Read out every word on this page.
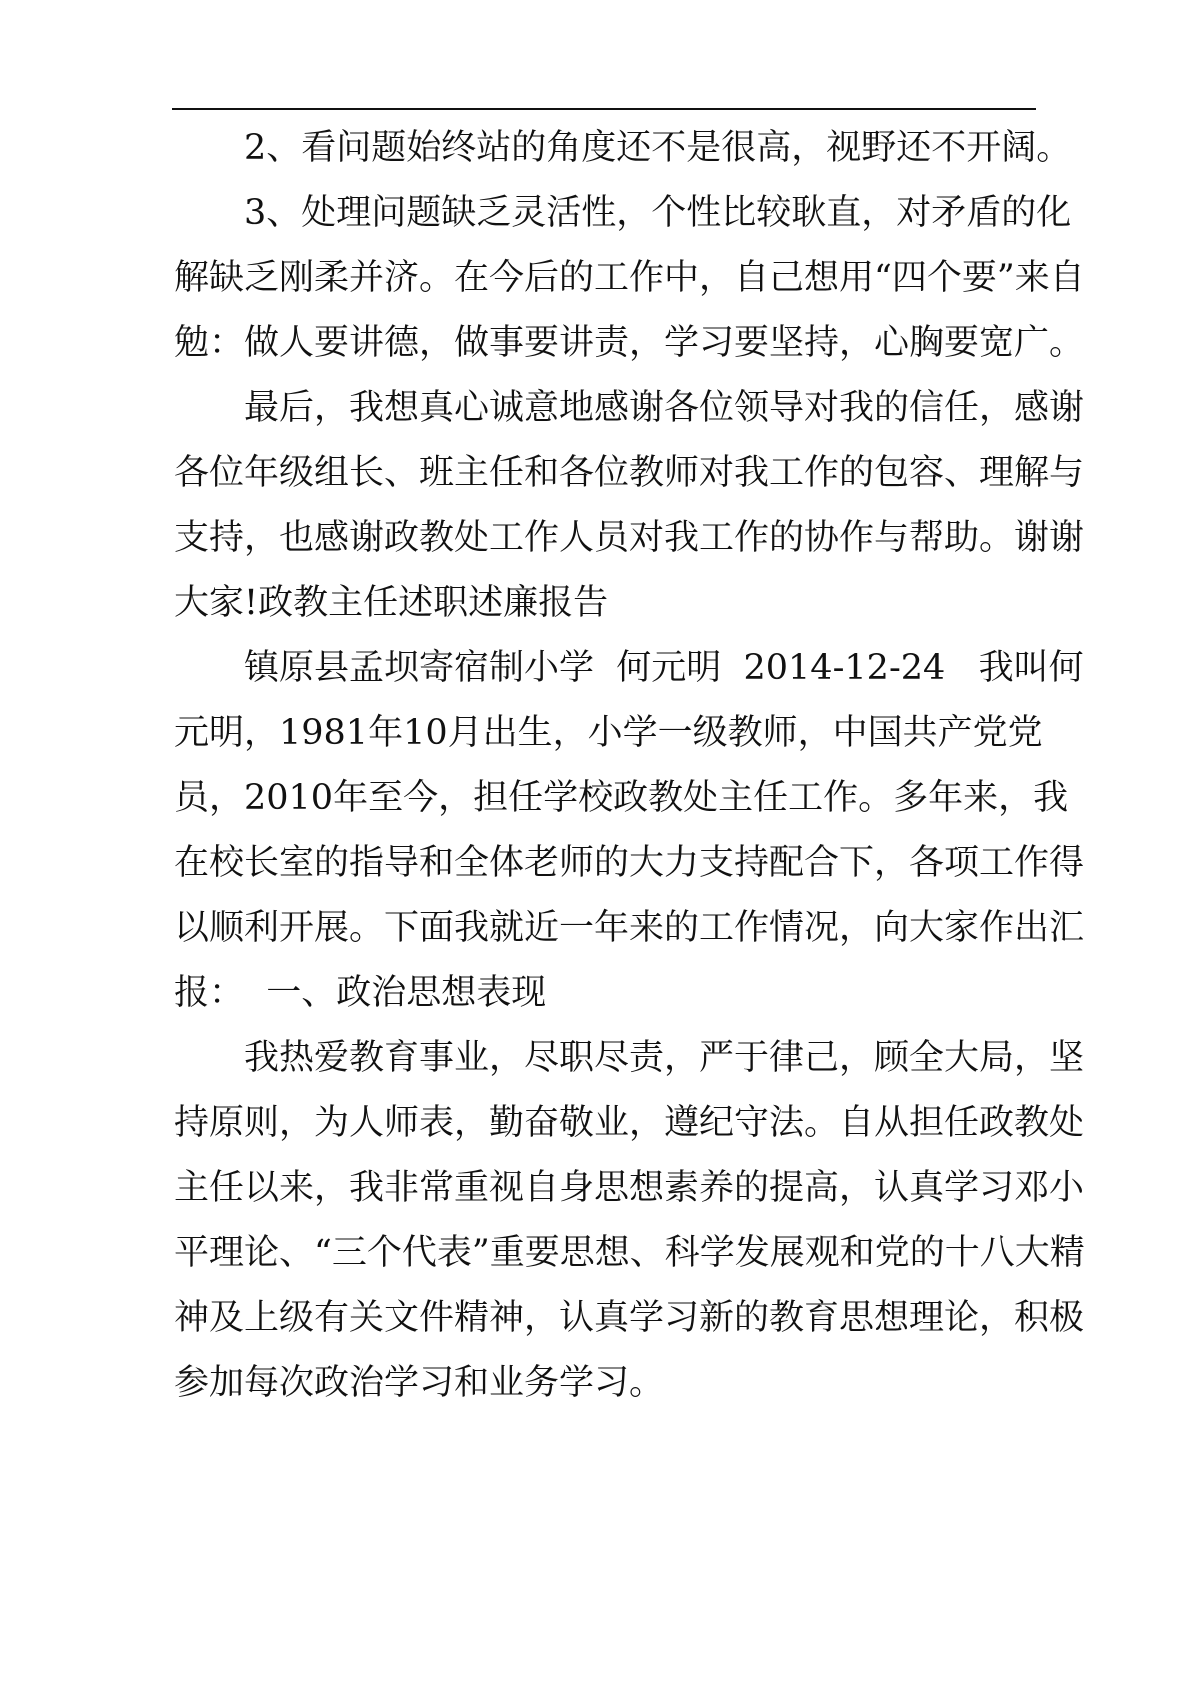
2、看问题始终站的角度还不是很高，视野还不开阔。

3、处理问题缺乏灵活性，个性比较耿直，对矛盾的化解缺乏刚柔并济。在今后的工作中，自己想用“四个要”来自勉：做人要讲德，做事要讲责，学习要坚持，心胸要宽广。

最后，我想真心诚意地感谢各位领导对我的信任，感谢各位年级组长、班主任和各位教师对我工作的包容、理解与支持，也感谢政教处工作人员对我工作的协作与帮助。谢谢大家!政教主任述职述廉报告

镇原县孟坝寄宿制小学  何元明  2014-12-24   我叫何元明，1981年10月出生，小学一级教师，中国共产党党员，2010年至今，担任学校政教处主任工作。多年来，我在校长室的指导和全体老师的大力支持配合下，各项工作得以顺利开展。下面我就近一年来的工作情况，向大家作出汇报：  一、政治思想表现

我热爱教育事业，尽职尽责，严于律己，顾全大局，坚持原则，为人师表，勤奋敬业，遵纪守法。自从担任政教处主任以来，我非常重视自身思想素养的提高，认真学习邓小平理论、“三个代表”重要思想、科学发展观和党的十八大精神及上级有关文件精神，认真学习新的教育思想理论，积极参加每次政治学习和业务学习。
